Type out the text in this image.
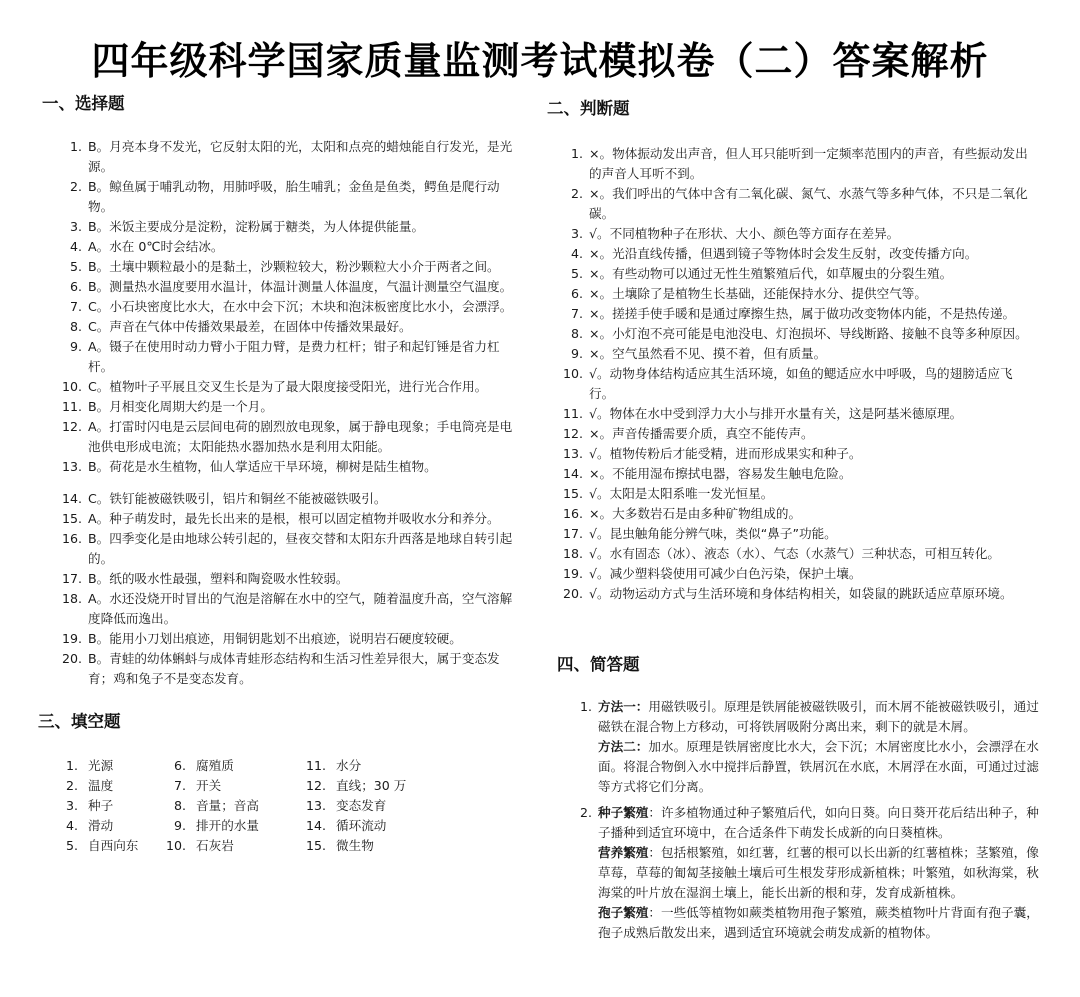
四年级科学国家质量监测考试模拟卷（二）答案解析
一、选择题
1. B。月亮本身不发光，它反射太阳的光，太阳和点亮的蜡烛能自行发光，是光源。
2. B。鲸鱼属于哺乳动物，用肺呼吸，胎生哺乳；金鱼是鱼类，鳄鱼是爬行动物。
3. B。米饭主要成分是淀粉，淀粉属于糖类，为人体提供能量。
4. A。水在 0℃时会结冰。
5. B。土壤中颗粒最小的是黏土，沙颗粒较大，粉沙颗粒大小介于两者之间。
6. B。测量热水温度要用水温计，体温计测量人体温度，气温计测量空气温度。
7. C。小石块密度比水大，在水中会下沉；木块和泡沫板密度比水小，会漂浮。
8. C。声音在气体中传播效果最差，在固体中传播效果最好。
9. A。镊子在使用时动力臂小于阻力臂，是费力杠杆；钳子和起钉锤是省力杠杆。
10. C。植物叶子平展且交叉生长是为了最大限度接受阳光，进行光合作用。
11. B。月相变化周期大约是一个月。
12. A。打雷时闪电是云层间电荷的剧烈放电现象，属于静电现象；手电筒亮是电池供电形成电流；太阳能热水器加热水是利用太阳能。
13. B。荷花是水生植物，仙人掌适应干旱环境，柳树是陆生植物。
14. C。铁钉能被磁铁吸引，铝片和铜丝不能被磁铁吸引。
15. A。种子萌发时，最先长出来的是根，根可以固定植物并吸收水分和养分。
16. B。四季变化是由地球公转引起的，昼夜交替和太阳东升西落是地球自转引起的。
17. B。纸的吸水性最强，塑料和陶瓷吸水性较弱。
18. A。水还没烧开时冒出的气泡是溶解在水中的空气，随着温度升高，空气溶解度降低而逸出。
19. B。能用小刀划出痕迹，用铜钥匙划不出痕迹，说明岩石硬度较硬。
20. B。青蛙的幼体蝌蚪与成体青蛙形态结构和生活习性差异很大，属于变态发育；鸡和兔子不是变态发育。
二、判断题
1. ×。物体振动发出声音，但人耳只能听到一定频率范围内的声音，有些振动发出的声音人耳听不到。
2. ×。我们呼出的气体中含有二氧化碳、氮气、水蒸气等多种气体，不只是二氧化碳。
3. √。不同植物种子在形状、大小、颜色等方面存在差异。
4. ×。光沿直线传播，但遇到镜子等物体时会发生反射，改变传播方向。
5. ×。有些动物可以通过无性生殖繁殖后代，如草履虫的分裂生殖。
6. ×。土壤除了是植物生长基础，还能保持水分、提供空气等。
7. ×。搓搓手使手暖和是通过摩擦生热，属于做功改变物体内能，不是热传递。
8. ×。小灯泡不亮可能是电池没电、灯泡损坏、导线断路、接触不良等多种原因。
9. ×。空气虽然看不见、摸不着，但有质量。
10. √。动物身体结构适应其生活环境，如鱼的鳃适应水中呼吸，鸟的翅膀适应飞行。
11. √。物体在水中受到浮力大小与排开水量有关，这是阿基米德原理。
12. ×。声音传播需要介质，真空不能传声。
13. √。植物传粉后才能受精，进而形成果实和种子。
14. ×。不能用湿布擦拭电器，容易发生触电危险。
15. √。太阳是太阳系唯一发光恒星。
16. ×。大多数岩石是由多种矿物组成的。
17. √。昆虫触角能分辨气味，类似“鼻子”功能。
18. √。水有固态（冰）、液态（水）、气态（水蒸气）三种状态，可相互转化。
19. √。减少塑料袋使用可减少白色污染，保护土壤。
20. √。动物运动方式与生活环境和身体结构相关，如袋鼠的跳跃适应草原环境。
三、填空题
1. 光源
2. 温度
3. 种子
4. 滑动
5. 自西向东
6. 腐殖质
7. 开关
8. 音量；音高
9. 排开的水量
10. 石灰岩
11. 水分
12. 直线；30 万
13. 变态发育
14. 循环流动
15. 微生物
四、简答题
1. 方法一：用磁铁吸引。原理是铁屑能被磁铁吸引，而木屑不能被磁铁吸引，通过磁铁在混合物上方移动，可将铁屑吸附分离出来，剩下的就是木屑。
方法二：加水。原理是铁屑密度比水大，会下沉；木屑密度比水小，会漂浮在水面。将混合物倒入水中搅拌后静置，铁屑沉在水底，木屑浮在水面，可通过过滤等方式将它们分离。
2. 种子繁殖：许多植物通过种子繁殖后代，如向日葵。向日葵开花后结出种子，种子播种到适宜环境中，在合适条件下萌发长成新的向日葵植株。
营养繁殖：包括根繁殖，如红薯，红薯的根可以长出新的红薯植株；茎繁殖，像草莓，草莓的匍匐茎接触土壤后可生根发芽形成新植株；叶繁殖，如秋海棠，秋海棠的叶片放在湿润土壤上，能长出新的根和芽，发育成新植株。
孢子繁殖：一些低等植物如蕨类植物用孢子繁殖，蕨类植物叶片背面有孢子囊，孢子成熟后散发出来，遇到适宜环境就会萌发成新的植物体。
